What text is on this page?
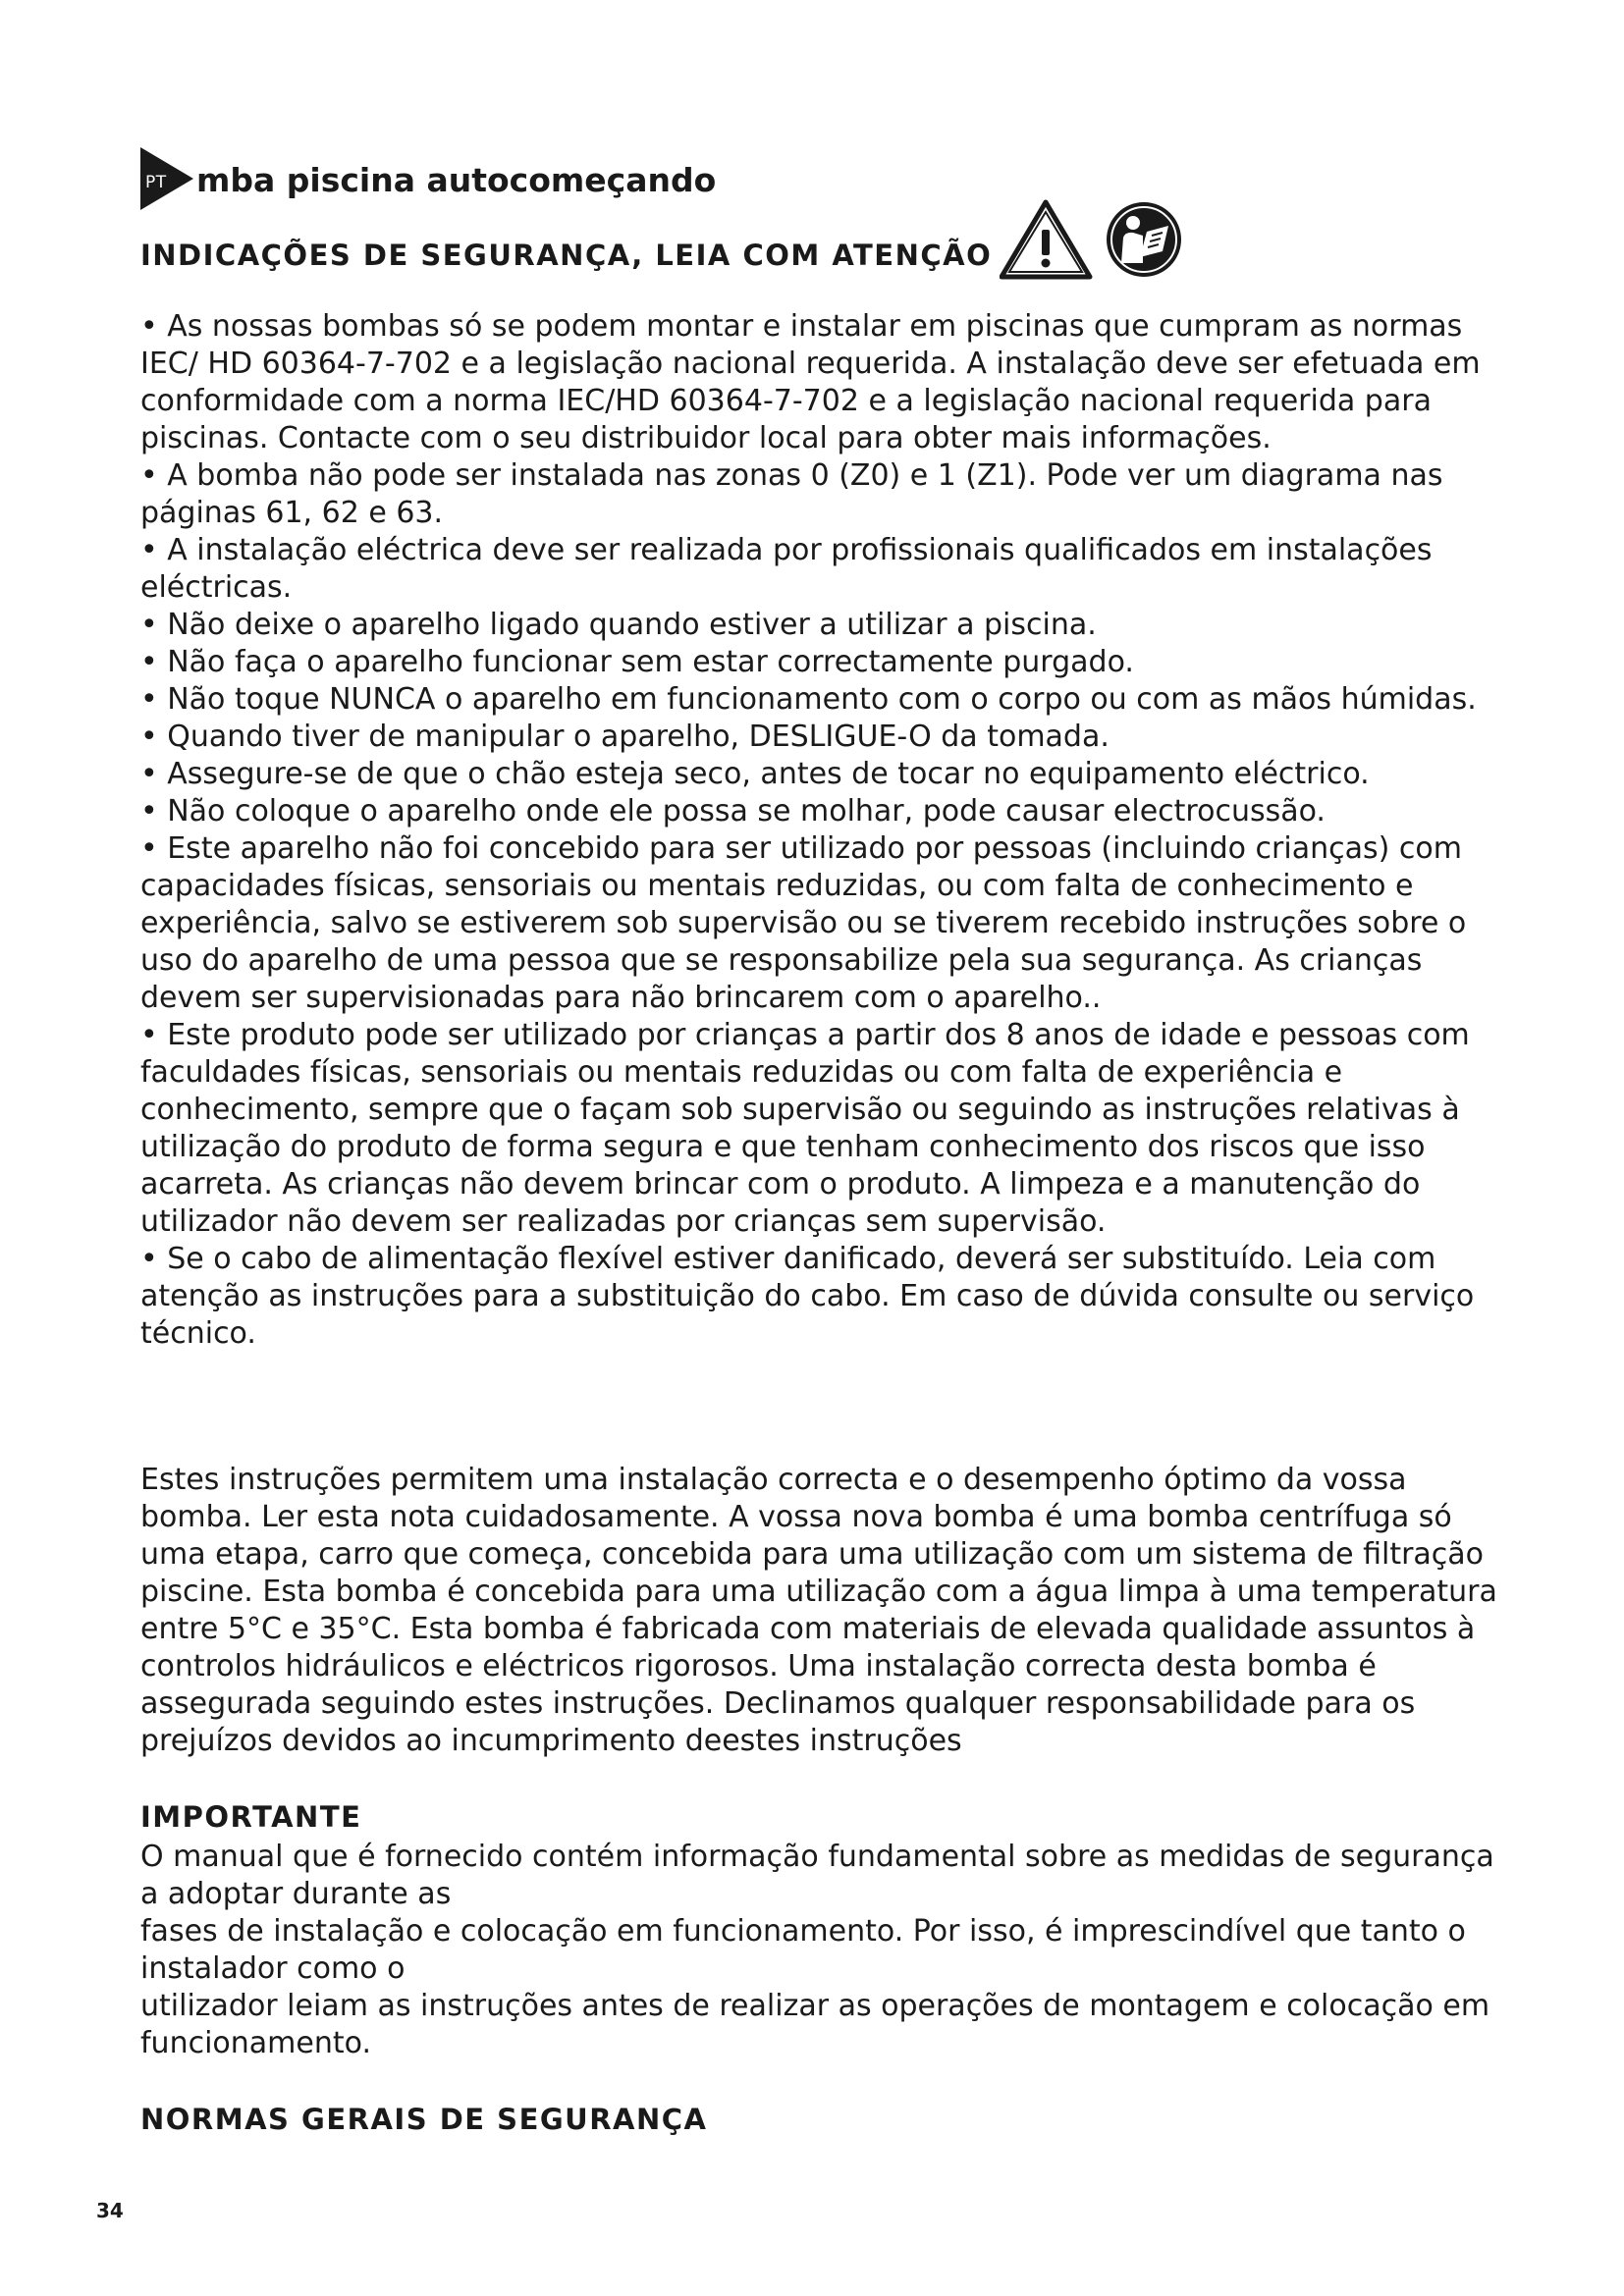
PT mba piscina autocomeçando
INDICAÇÕES DE SEGURANÇA, LEIA COM ATENÇÃO

• As nossas bombas só se podem montar e instalar em piscinas que cumpram as normas IEC/ HD 60364-7-702 e a legislação nacional requerida. A instalação deve ser efetuada em conformidade com a norma IEC/HD 60364-7-702 e a legislação nacional requerida para piscinas. Contacte com o seu distribuidor local para obter mais informações.

• A bomba não pode ser instalada nas zonas 0 (Z0) e 1 (Z1). Pode ver um diagrama nas páginas 61, 62 e 63.

• A instalação eléctrica deve ser realizada por profissionais qualificados em instalações eléctricas.

• Não deixe o aparelho ligado quando estiver a utilizar a piscina.

• Não faça o aparelho funcionar sem estar correctamente purgado.

• Não toque NUNCA o aparelho em funcionamento com o corpo ou com as mãos húmidas.

• Quando tiver de manipular o aparelho, DESLIGUE-O da tomada.

• Assegure-se de que o chão esteja seco, antes de tocar no equipamento eléctrico.

• Não coloque o aparelho onde ele possa se molhar, pode causar electrocussão.

• Este aparelho não foi concebido para ser utilizado por pessoas (incluindo crianças) com capacidades físicas, sensoriais ou mentais reduzidas, ou com falta de conhecimento e experiência, salvo se estiverem sob supervisão ou se tiverem recebido instruções sobre o uso do aparelho de uma pessoa que se responsabilize pela sua segurança. As crianças devem ser supervisionadas para não brincarem com o aparelho..

• Este produto pode ser utilizado por crianças a partir dos 8 anos de idade e pessoas com faculdades físicas, sensoriais ou mentais reduzidas ou com falta de experiência e conhecimento, sempre que o façam sob supervisão ou seguindo as instruções relativas à utilização do produto de forma segura e que tenham conhecimento dos riscos que isso acarreta. As crianças não devem brincar com o produto. A limpeza e a manutenção do utilizador não devem ser realizadas por crianças sem supervisão.

• Se o cabo de alimentação flexível estiver danificado, deverá ser substituído. Leia com atenção as instruções para a substituição do cabo. Em caso de dúvida consulte ou serviço técnico.

Estes instruções permitem uma instalação correcta e o desempenho óptimo da vossa bomba. Ler esta nota cuidadosamente. A vossa nova bomba é uma bomba centrífuga só uma etapa, carro que começa, concebida para uma utilização com um sistema de filtração piscine. Esta bomba é concebida para uma utilização com a água limpa à uma temperatura entre 5°C e 35°C. Esta bomba é fabricada com materiais de elevada qualidade assuntos à controlos hidráulicos e eléctricos rigorosos. Uma instalação correcta desta bomba é assegurada seguindo estes instruções. Declinamos qualquer responsabilidade para os prejuízos devidos ao incumprimento deestes instruções

IMPORTANTE

O manual que é fornecido contém informação fundamental sobre as medidas de segurança a adoptar durante as

fases de instalação e colocação em funcionamento. Por isso, é imprescindível que tanto o instalador como o

utilizador leiam as instruções antes de realizar as operações de montagem e colocação em funcionamento.

NORMAS GERAIS DE SEGURANÇA
34
